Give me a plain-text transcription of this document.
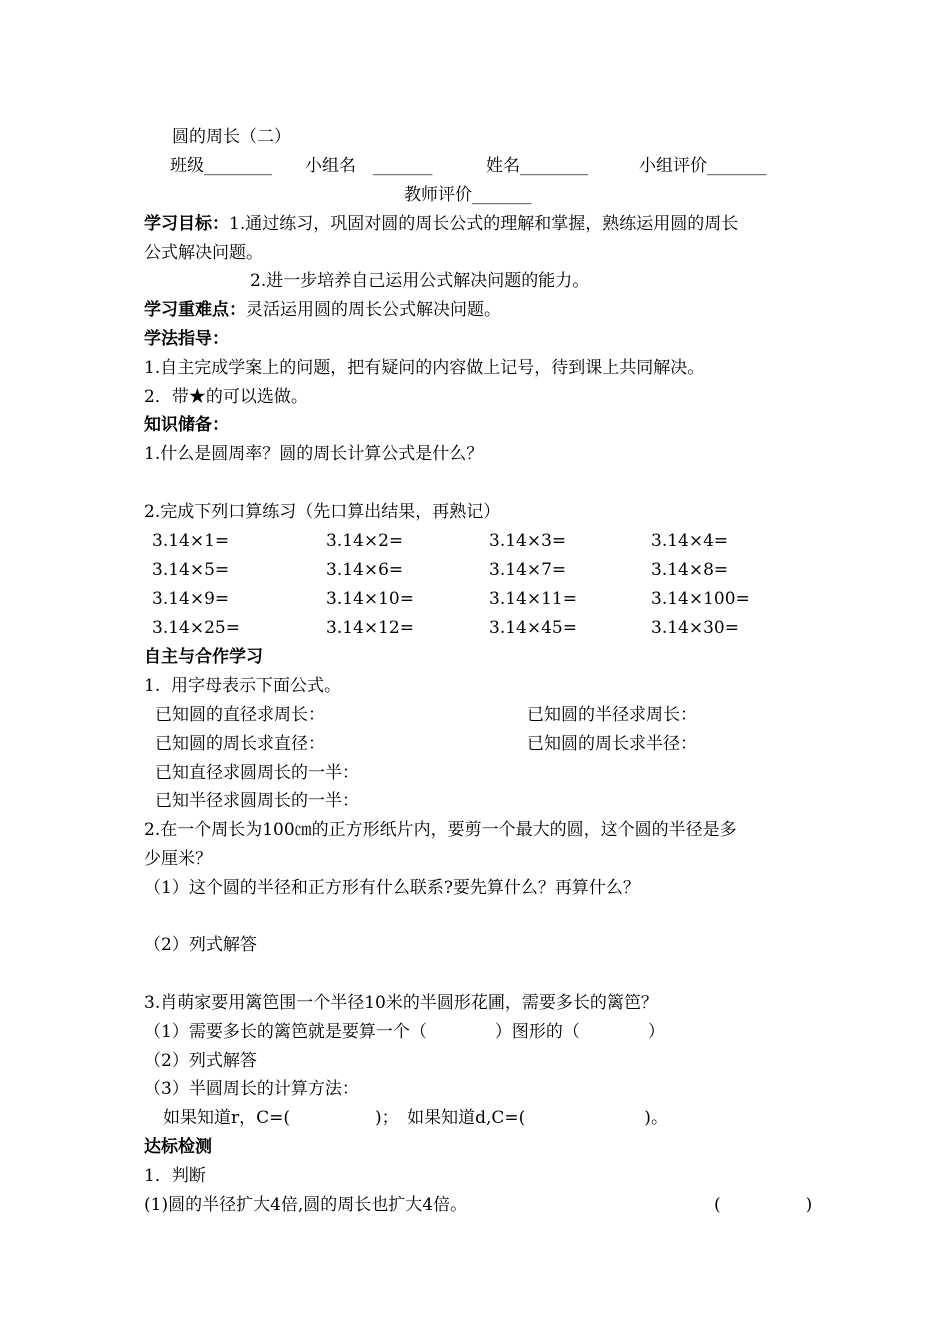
圆的周长（二）
班级________ 小组名　_______	姓名________	小组评价_______
教师评价_______
学习目标：1.通过练习，巩固对圆的周长公式的理解和掌握，熟练运用圆的周长
公式解决问题。
2.进一步培养自己运用公式解决问题的能力。
学习重难点：灵活运用圆的周长公式解决问题。
学法指导：
1.自主完成学案上的问题，把有疑问的内容做上记号，待到课上共同解决。
2．带★的可以选做。
知识储备：
1.什么是圆周率？圆的周长计算公式是什么？
2.完成下列口算练习（先口算出结果，再熟记）
3.14×1=	3.14×2=	3.14×3=	3.14×4=
3.14×5=	3.14×6=	3.14×7=	3.14×8=
3.14×9=	3.14×10=	3.14×11=	3.14×100=
3.14×25=	3.14×12=	3.14×45=	3.14×30=
自主与合作学习
1.  用字母表示下面公式。
已知圆的直径求周长：	已知圆的半径求周长：
已知圆的周长求直径：	已知圆的周长求半径：
已知直径求圆周长的一半：
已知半径求圆周长的一半：
2.在一个周长为100㎝的正方形纸片内，要剪一个最大的圆，这个圆的半径是多
少厘米？
（1）这个圆的半径和正方形有什么联系?要先算什么？再算什么？
（2）列式解答
3.肖萌家要用篱笆围一个半径10米的半圆形花圃，需要多长的篱笆？
（1）需要多长的篱笆就是要算一个（　　　　）图形的（　　　　）
（2）列式解答
（3）半圆周长的计算方法：
如果知道r，C=(　　　　　)；　如果知道d,C=(　　　　　　　)。
达标检测
1．判断
(1)圆的半径扩大4倍,圆的周长也扩大4倍。	(　　　　　)
